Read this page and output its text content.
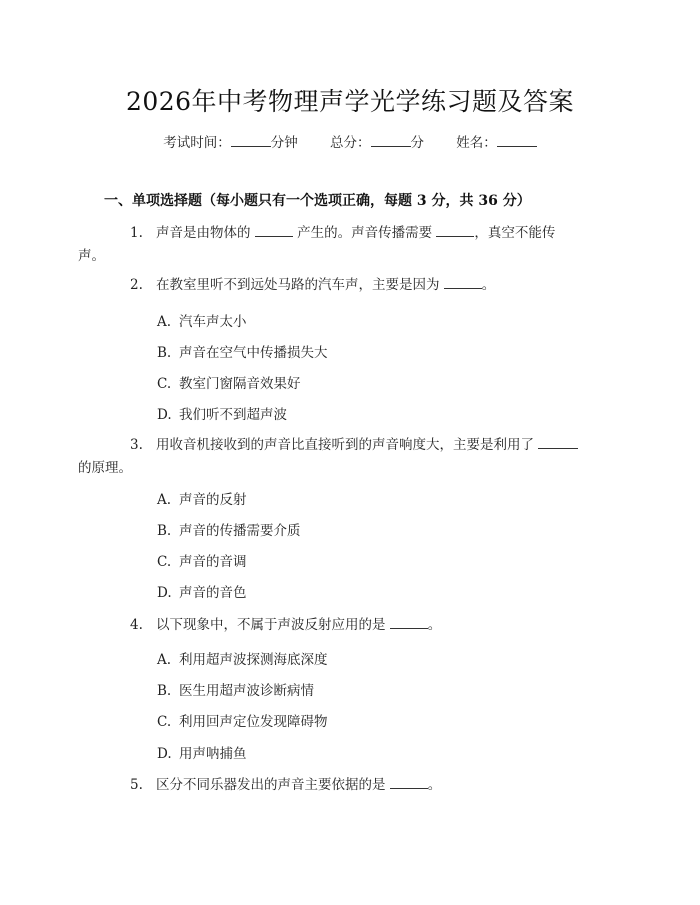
2026年中考物理声学光学练习题及答案
考试时间：	分钟 总分：	分 姓名：
一、单项选择题（每小题只有一个选项正确，每题 3 分，共 36 分）
1. 声音是由物体的	产生的。声音传播需要	，真空不能传
声。
2. 在教室里听不到远处马路的汽车声，主要是因为	。
A. 汽车声太小
B. 声音在空气中传播损失大
C. 教室门窗隔音效果好
D. 我们听不到超声波
3. 用收音机接收到的声音比直接听到的声音响度大，主要是利用了
的原理。
A. 声音的反射
B. 声音的传播需要介质
C. 声音的音调
D. 声音的音色
4. 以下现象中，不属于声波反射应用的是	。
A. 利用超声波探测海底深度
B. 医生用超声波诊断病情
C. 利用回声定位发现障碍物
D. 用声呐捕鱼
5. 区分不同乐器发出的声音主要依据的是	。
